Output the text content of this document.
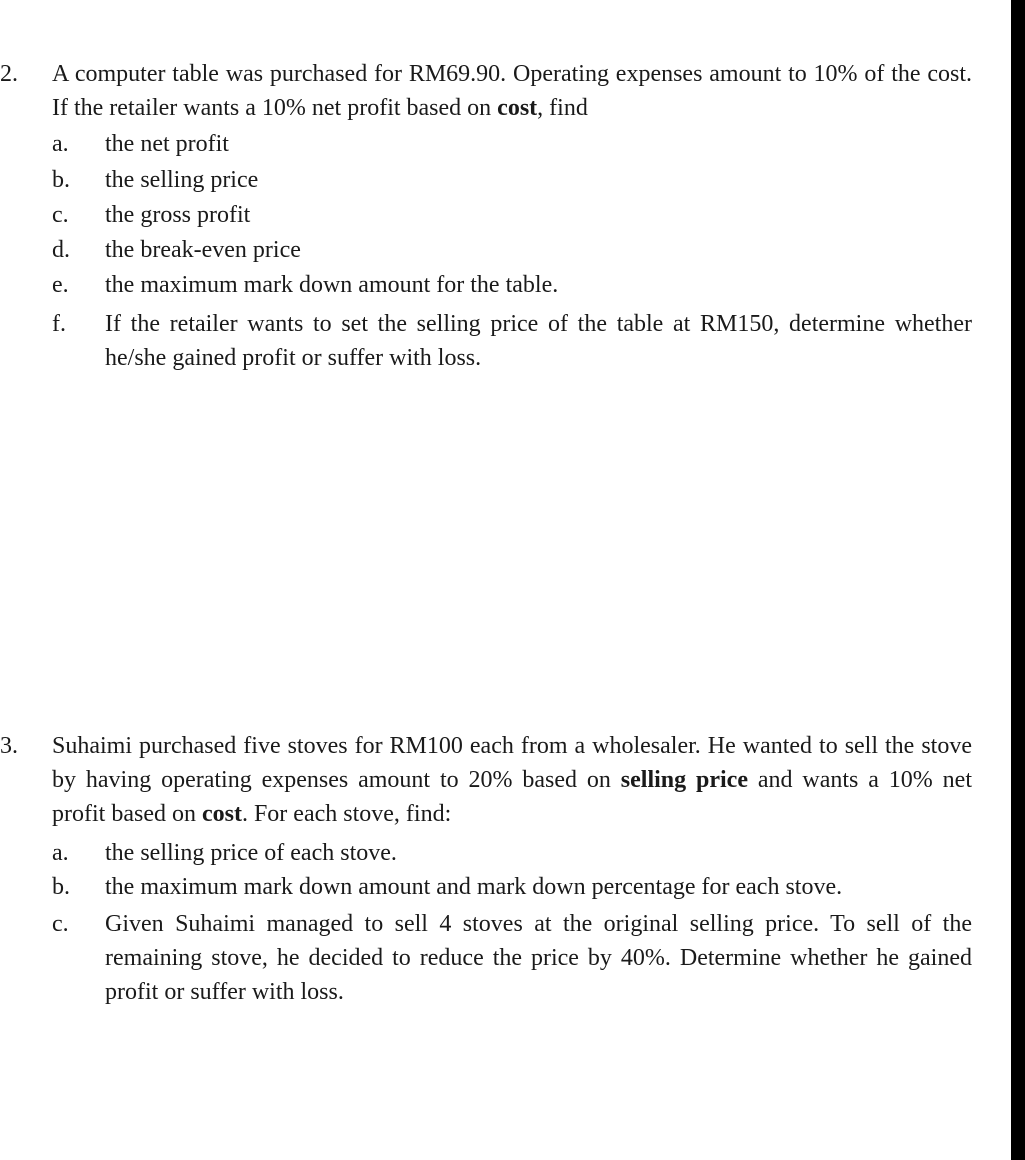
2. A computer table was purchased for RM69.90. Operating expenses amount to 10% of the cost. If the retailer wants a 10% net profit based on cost, find
a.	the net profit
b.	the selling price
c.	the gross profit
d.	the break-even price
e.	the maximum mark down amount for the table.
f.	If the retailer wants to set the selling price of the table at RM150, determine whether he/she gained profit or suffer with loss.
3. Suhaimi purchased five stoves for RM100 each from a wholesaler. He wanted to sell the stove by having operating expenses amount to 20% based on selling price and wants a 10% net profit based on cost. For each stove, find:
a.	the selling price of each stove.
b.	the maximum mark down amount and mark down percentage for each stove.
c.	Given Suhaimi managed to sell 4 stoves at the original selling price. To sell of the remaining stove, he decided to reduce the price by 40%. Determine whether he gained profit or suffer with loss.
